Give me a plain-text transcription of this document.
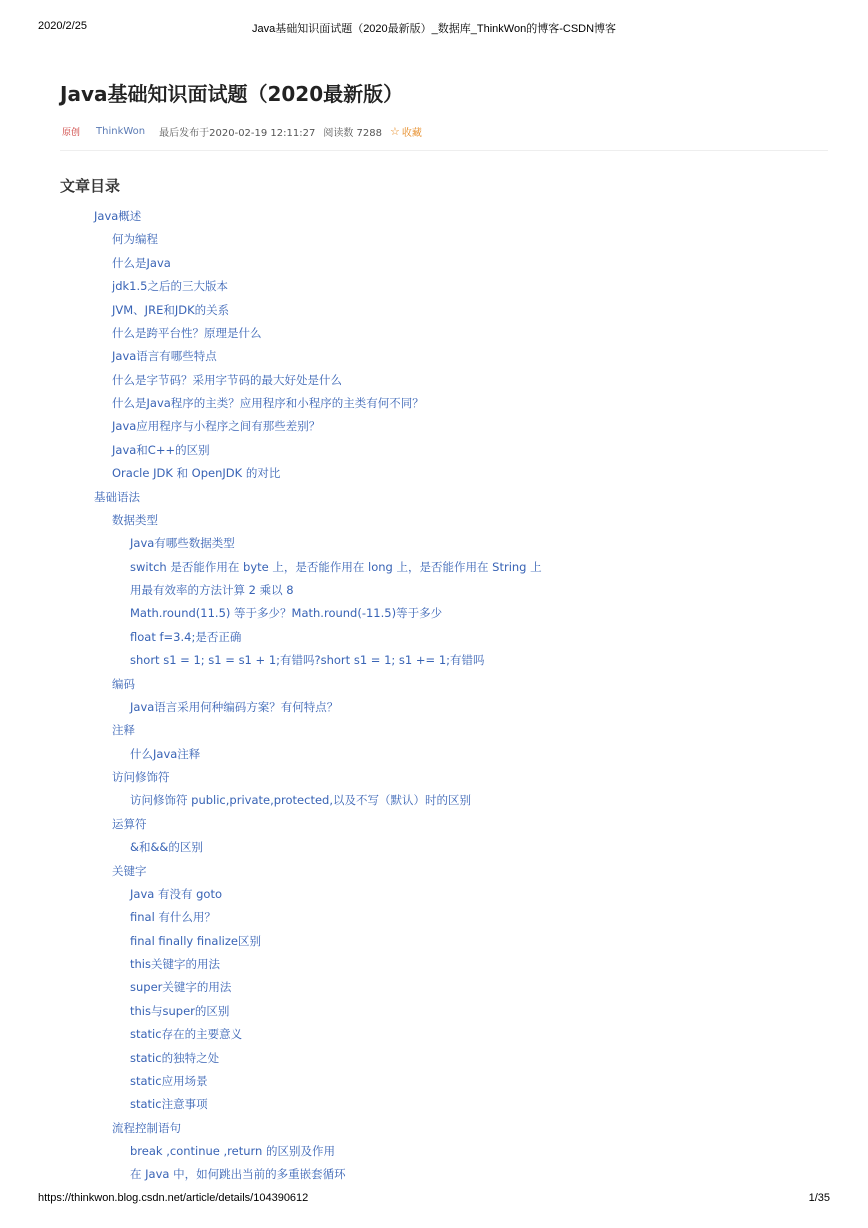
2020/2/25	Java基础知识面试题（2020最新版）_数据库_ThinkWon的博客-CSDN博客
Java基础知识面试题（2020最新版）
原创 ThinkWon 最后发布于2020-02-19 12:11:27 阅读数 7288 ☆ 收藏
文章目录
Java概述
何为编程
什么是Java
jdk1.5之后的三大版本
JVM、JRE和JDK的关系
什么是跨平台性？原理是什么
Java语言有哪些特点
什么是字节码？采用字节码的最大好处是什么
什么是Java程序的主类？应用程序和小程序的主类有何不同？
Java应用程序与小程序之间有那些差别？
Java和C++的区别
Oracle JDK 和 OpenJDK 的对比
基础语法
数据类型
Java有哪些数据类型
switch 是否能作用在 byte 上，是否能作用在 long 上，是否能作用在 String 上
用最有效率的方法计算 2 乘以 8
Math.round(11.5) 等于多少？Math.round(-11.5)等于多少
float f=3.4;是否正确
short s1 = 1; s1 = s1 + 1;有错吗?short s1 = 1; s1 += 1;有错吗
编码
Java语言采用何种编码方案？有何特点？
注释
什么Java注释
访问修饰符
访问修饰符 public,private,protected,以及不写（默认）时的区别
运算符
&和&&的区别
关键字
Java 有没有 goto
final 有什么用？
final finally finalize区别
this关键字的用法
super关键字的用法
this与super的区别
static存在的主要意义
static的独特之处
static应用场景
static注意事项
流程控制语句
break ,continue ,return 的区别及作用
在 Java 中，如何跳出当前的多重嵌套循环
https://thinkwon.blog.csdn.net/article/details/104390612	1/35
